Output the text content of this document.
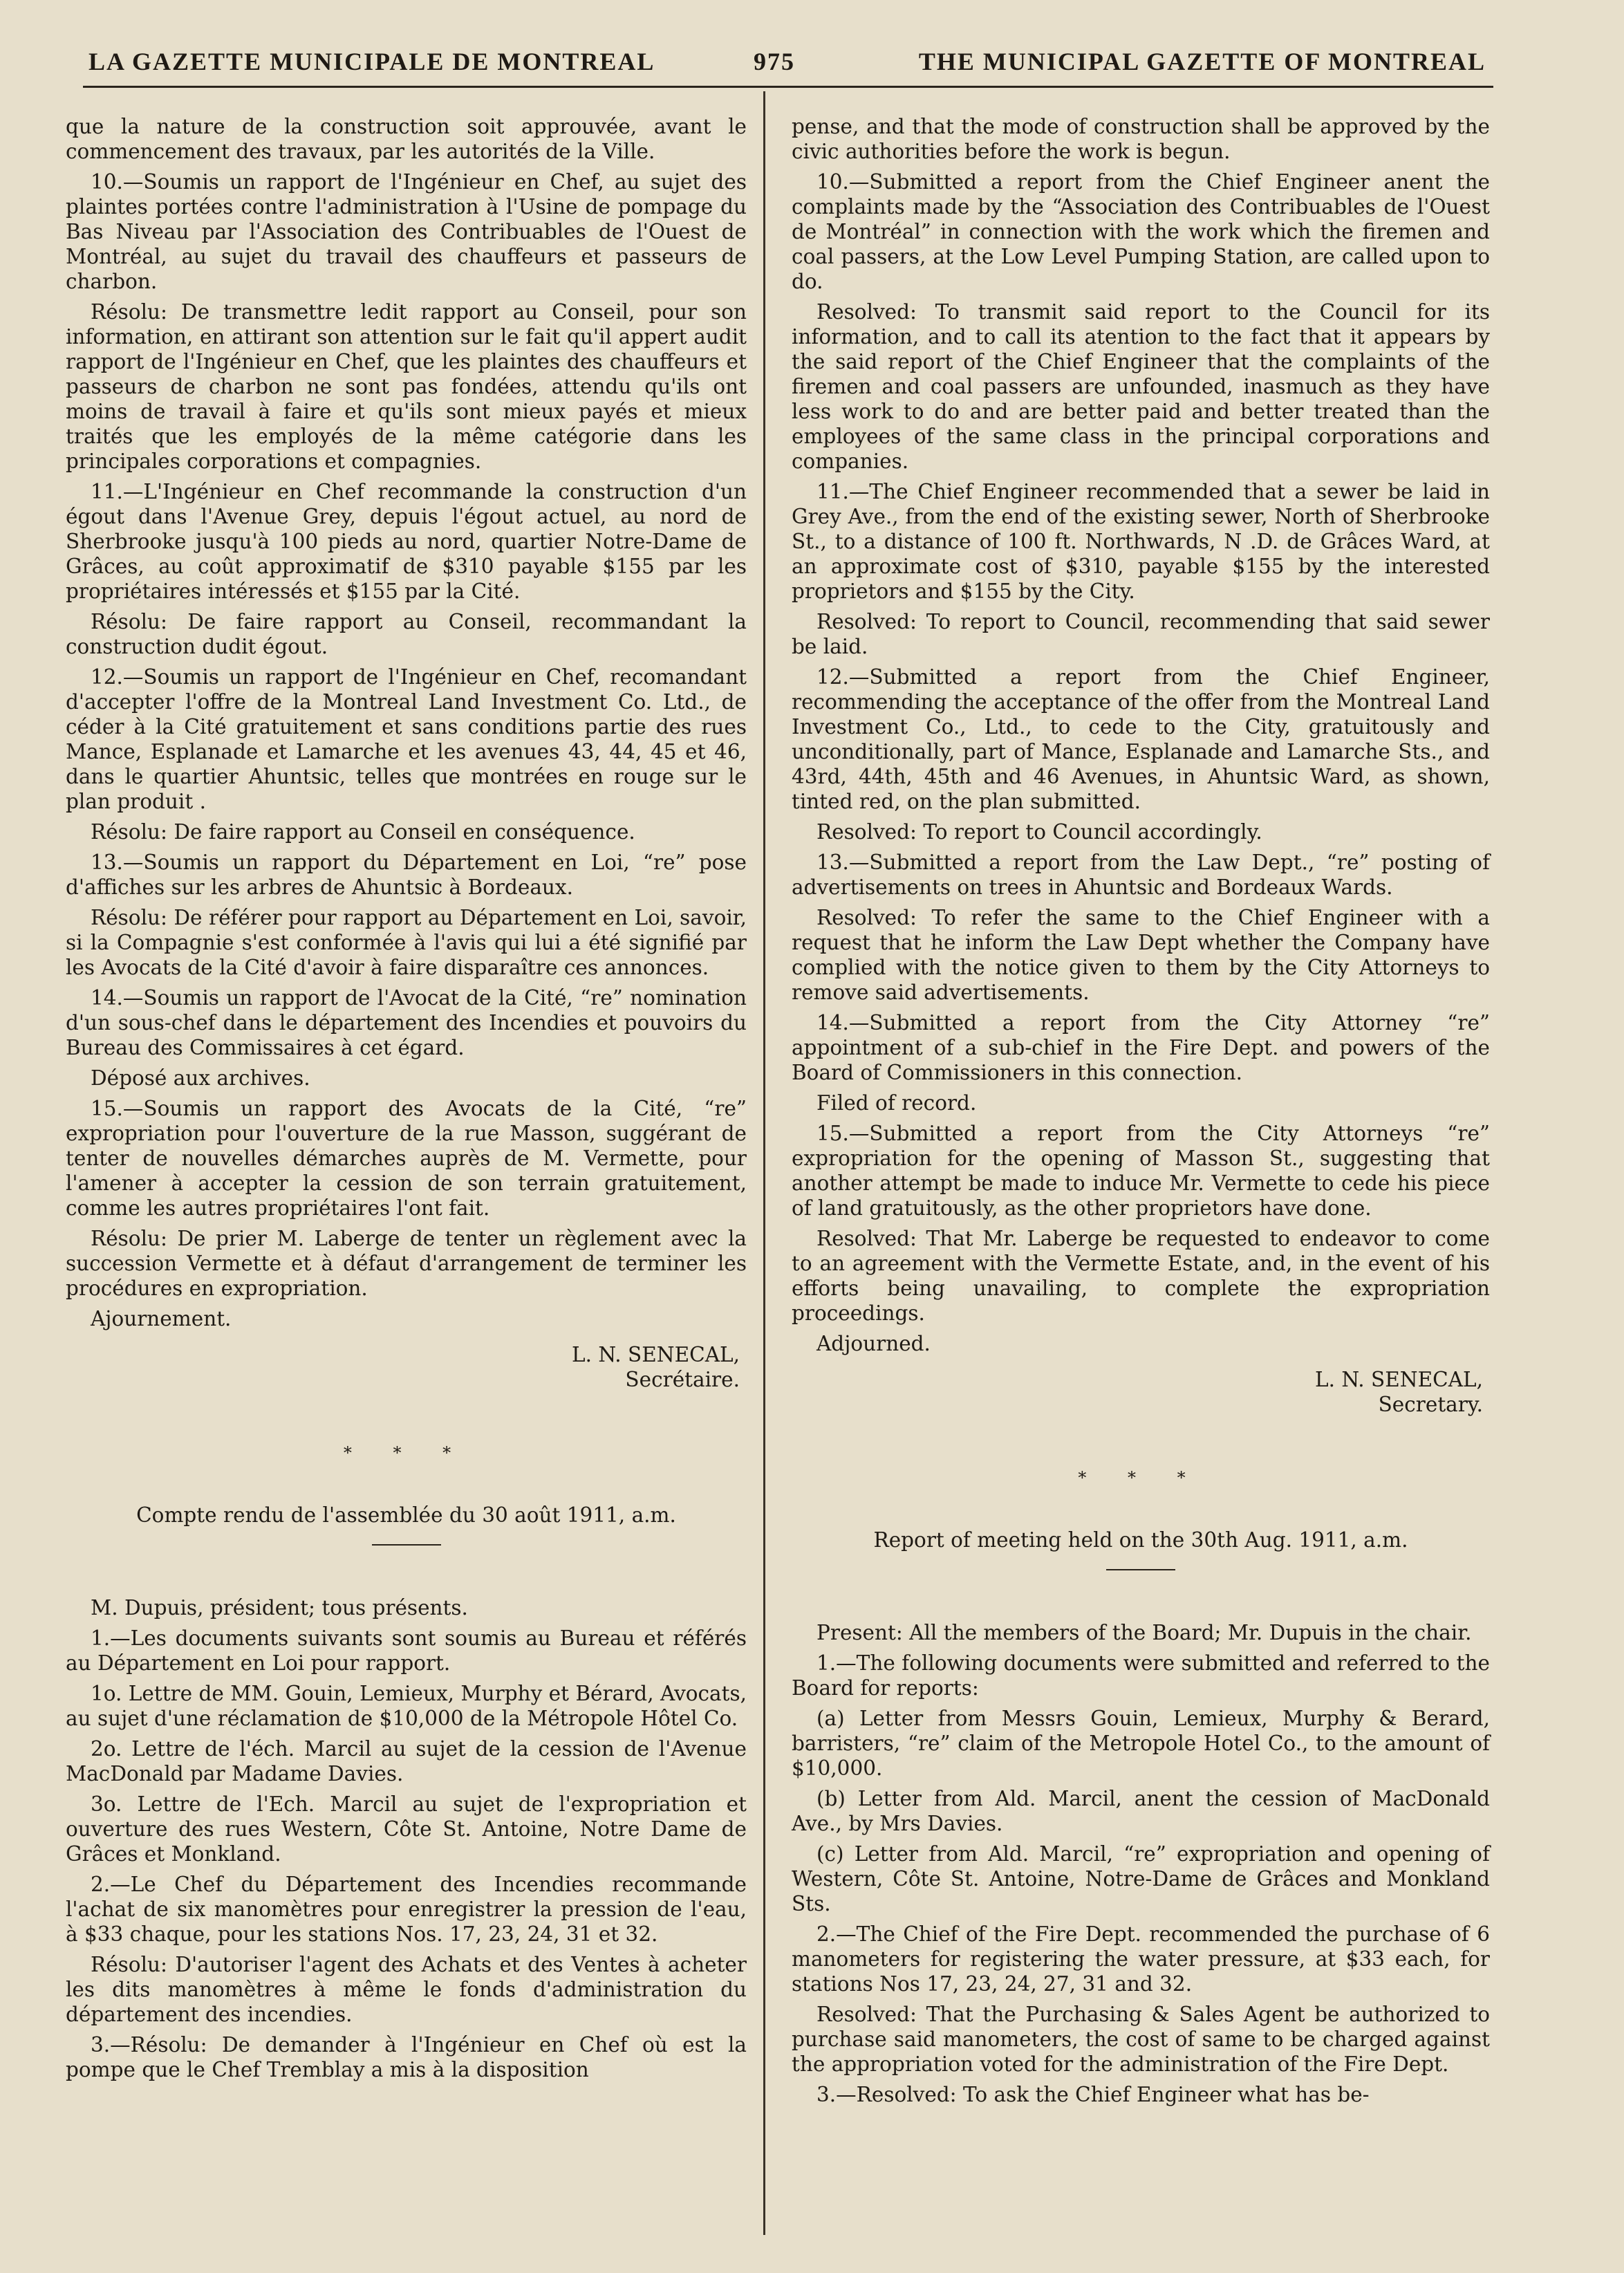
LA GAZETTE MUNICIPALE DE MONTREAL	975	THE MUNICIPAL GAZETTE OF MONTREAL

que la nature de la construction soit approuvée, avant le commencement des travaux, par les autorités de la Ville.

10.—Soumis un rapport de l'Ingénieur en Chef, au sujet des plaintes portées contre l'administration à l'Usine de pompage du Bas Niveau par l'Association des Contribuables de l'Ouest de Montréal, au sujet du travail des chauffeurs et passeurs de charbon.

Résolu: De transmettre ledit rapport au Conseil, pour son information, en attirant son attention sur le fait qu'il appert audit rapport de l'Ingénieur en Chef, que les plaintes des chauffeurs et passeurs de charbon ne sont pas fondées, attendu qu'ils ont moins de travail à faire et qu'ils sont mieux payés et mieux traités que les employés de la même catégorie dans les principales corporations et compagnies.

11.—L'Ingénieur en Chef recommande la construction d'un égout dans l'Avenue Grey, depuis l'égout actuel, au nord de Sherbrooke jusqu'à 100 pieds au nord, quartier Notre-Dame de Grâces, au coût approximatif de $310 payable $155 par les propriétaires intéressés et $155 par la Cité.

Résolu: De faire rapport au Conseil, recommandant la construction dudit égout.

12.—Soumis un rapport de l'Ingénieur en Chef, recomandant d'accepter l'offre de la Montreal Land Investment Co. Ltd., de céder à la Cité gratuitement et sans conditions partie des rues Mance, Esplanade et Lamarche et les avenues 43, 44, 45 et 46, dans le quartier Ahuntsic, telles que montrées en rouge sur le plan produit .

Résolu: De faire rapport au Conseil en conséquence.

13.—Soumis un rapport du Département en Loi, “re” pose d'affiches sur les arbres de Ahuntsic à Bordeaux.

Résolu: De référer pour rapport au Département en Loi, savoir, si la Compagnie s'est conformée à l'avis qui lui a été signifié par les Avocats de la Cité d'avoir à faire disparaître ces annonces.

14.—Soumis un rapport de l'Avocat de la Cité, “re” nomination d'un sous-chef dans le département des Incendies et pouvoirs du Bureau des Commissaires à cet égard.

Déposé aux archives.

15.—Soumis un rapport des Avocats de la Cité, “re” expropriation pour l'ouverture de la rue Masson, suggérant de tenter de nouvelles démarches auprès de M. Vermette, pour l'amener à accepter la cession de son terrain gratuitement, comme les autres propriétaires l'ont fait.

Résolu: De prier M. Laberge de tenter un règlement avec la succession Vermette et à défaut d'arrangement de terminer les procédures en expropriation.

Ajournement.

L. N. SENECAL,
Secrétaire.
* * *
Compte rendu de l'assemblée du 30 août 1911, a.m.

M. Dupuis, président; tous présents.

1.—Les documents suivants sont soumis au Bureau et référés au Département en Loi pour rapport.

1o. Lettre de MM. Gouin, Lemieux, Murphy et Bérard, Avocats, au sujet d'une réclamation de $10,000 de la Métropole Hôtel Co.

2o. Lettre de l'éch. Marcil au sujet de la cession de l'Avenue MacDonald par Madame Davies.

3o. Lettre de l'Ech. Marcil au sujet de l'expropriation et ouverture des rues Western, Côte St. Antoine, Notre Dame de Grâces et Monkland.

2.—Le Chef du Département des Incendies recommande l'achat de six manomètres pour enregistrer la pression de l'eau, à $33 chaque, pour les stations Nos. 17, 23, 24, 31 et 32.

Résolu: D'autoriser l'agent des Achats et des Ventes à acheter les dits manomètres à même le fonds d'administration du département des incendies.

3.—Résolu: De demander à l'Ingénieur en Chef où est la pompe que le Chef Tremblay a mis à la disposition

pense, and that the mode of construction shall be approved by the civic authorities before the work is begun.

10.—Submitted a report from the Chief Engineer anent the complaints made by the “Association des Contribuables de l'Ouest de Montréal” in connection with the work which the firemen and coal passers, at the Low Level Pumping Station, are called upon to do.

Resolved: To transmit said report to the Council for its information, and to call its atention to the fact that it appears by the said report of the Chief Engineer that the complaints of the firemen and coal passers are unfounded, inasmuch as they have less work to do and are better paid and better treated than the employees of the same class in the principal corporations and companies.

11.—The Chief Engineer recommended that a sewer be laid in Grey Ave., from the end of the existing sewer, North of Sherbrooke St., to a distance of 100 ft. Northwards, N .D. de Grâces Ward, at an approximate cost of $310, payable $155 by the interested proprietors and $155 by the City.

Resolved: To report to Council, recommending that said sewer be laid.

12.—Submitted a report from the Chief Engineer, recommending the acceptance of the offer from the Montreal Land Investment Co., Ltd., to cede to the City, gratuitously and unconditionally, part of Mance, Esplanade and Lamarche Sts., and 43rd, 44th, 45th and 46 Avenues, in Ahuntsic Ward, as shown, tinted red, on the plan submitted.

Resolved: To report to Council accordingly.

13.—Submitted a report from the Law Dept., “re” posting of advertisements on trees in Ahuntsic and Bordeaux Wards.

Resolved: To refer the same to the Chief Engineer with a request that he inform the Law Dept whether the Company have complied with the notice given to them by the City Attorneys to remove said advertisements.

14.—Submitted a report from the City Attorney “re” appointment of a sub-chief in the Fire Dept. and powers of the Board of Commissioners in this connection.

Filed of record.

15.—Submitted a report from the City Attorneys “re” expropriation for the opening of Masson St., suggesting that another attempt be made to induce Mr. Vermette to cede his piece of land gratuitously, as the other proprietors have done.

Resolved: That Mr. Laberge be requested to endeavor to come to an agreement with the Vermette Estate, and, in the event of his efforts being unavailing, to complete the expropriation proceedings.

Adjourned.

L. N. SENECAL,
Secretary.
* * *
Report of meeting held on the 30th Aug. 1911, a.m.

Present: All the members of the Board; Mr. Dupuis in the chair.

1.—The following documents were submitted and referred to the Board for reports:

(a) Letter from Messrs Gouin, Lemieux, Murphy & Berard, barristers, “re” claim of the Metropole Hotel Co., to the amount of $10,000.

(b) Letter from Ald. Marcil, anent the cession of MacDonald Ave., by Mrs Davies.

(c) Letter from Ald. Marcil, “re” expropriation and opening of Western, Côte St. Antoine, Notre-Dame de Grâces and Monkland Sts.

2.—The Chief of the Fire Dept. recommended the purchase of 6 manometers for registering the water pressure, at $33 each, for stations Nos 17, 23, 24, 27, 31 and 32.

Resolved: That the Purchasing & Sales Agent be authorized to purchase said manometers, the cost of same to be charged against the appropriation voted for the administration of the Fire Dept.

3.—Resolved: To ask the Chief Engineer what has be-
